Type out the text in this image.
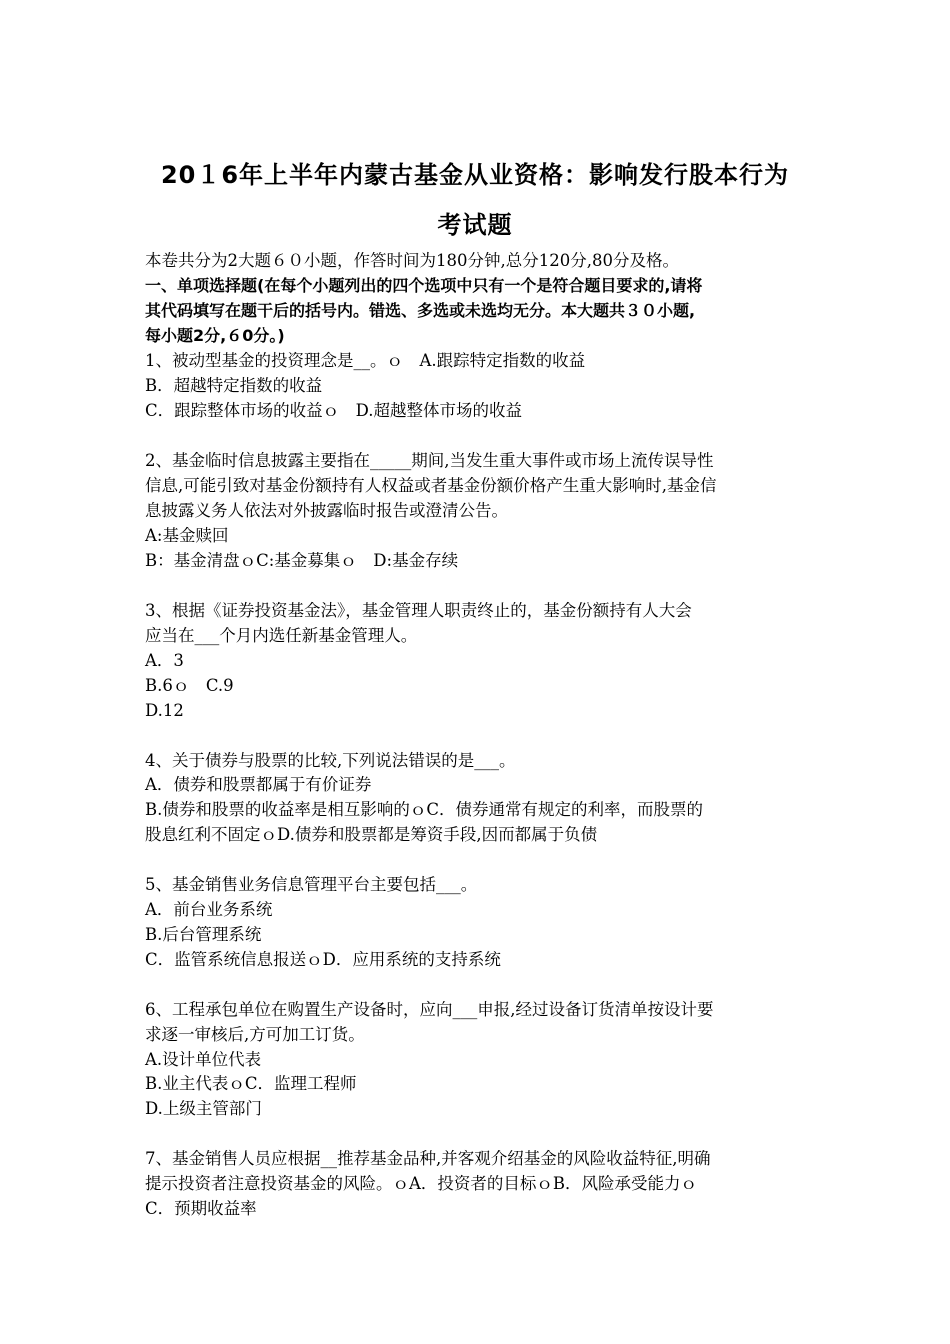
20１6年上半年内蒙古基金从业资格：影响发行股本行为
考试题
本卷共分为2大题６０小题，作答时间为180分钟,总分120分,80分及格。
一、单项选择题(在每个小题列出的四个选项中只有一个是符合题目要求的,请将
其代码填写在题干后的括号内。错选、多选或未选均无分。本大题共３０小题,
每小题2分,６0分。)
1、被动型基金的投资理念是__。ｏ　A.跟踪特定指数的收益
B．超越特定指数的收益
C．跟踪整体市场的收益ｏ　D.超越整体市场的收益
2、基金临时信息披露主要指在_____期间,当发生重大事件或市场上流传误导性
信息,可能引致对基金份额持有人权益或者基金份额价格产生重大影响时,基金信
息披露义务人依法对外披露临时报告或澄清公告。
A:基金赎回
B：基金清盘ｏC:基金募集ｏ　D:基金存续
3、根据《证券投资基金法》，基金管理人职责终止的，基金份额持有人大会
应当在___个月内选任新基金管理人。
A．3
B.6ｏ　C.9
D.12
4、关于债券与股票的比较,下列说法错误的是___。
A．债券和股票都属于有价证券
B.债券和股票的收益率是相互影响的ｏC．债券通常有规定的利率，而股票的
股息红利不固定ｏD.债券和股票都是筹资手段,因而都属于负债
5、基金销售业务信息管理平台主要包括___。
A．前台业务系统
B.后台管理系统
C．监管系统信息报送ｏD．应用系统的支持系统
6、工程承包单位在购置生产设备时，应向___申报,经过设备订货清单按设计要
求逐一审核后,方可加工订货。
A.设计单位代表
B.业主代表ｏC．监理工程师
D.上级主管部门
7、基金销售人员应根据__推荐基金品种,并客观介绍基金的风险收益特征,明确
提示投资者注意投资基金的风险。ｏA．投资者的目标ｏB．风险承受能力ｏ
C．预期收益率
